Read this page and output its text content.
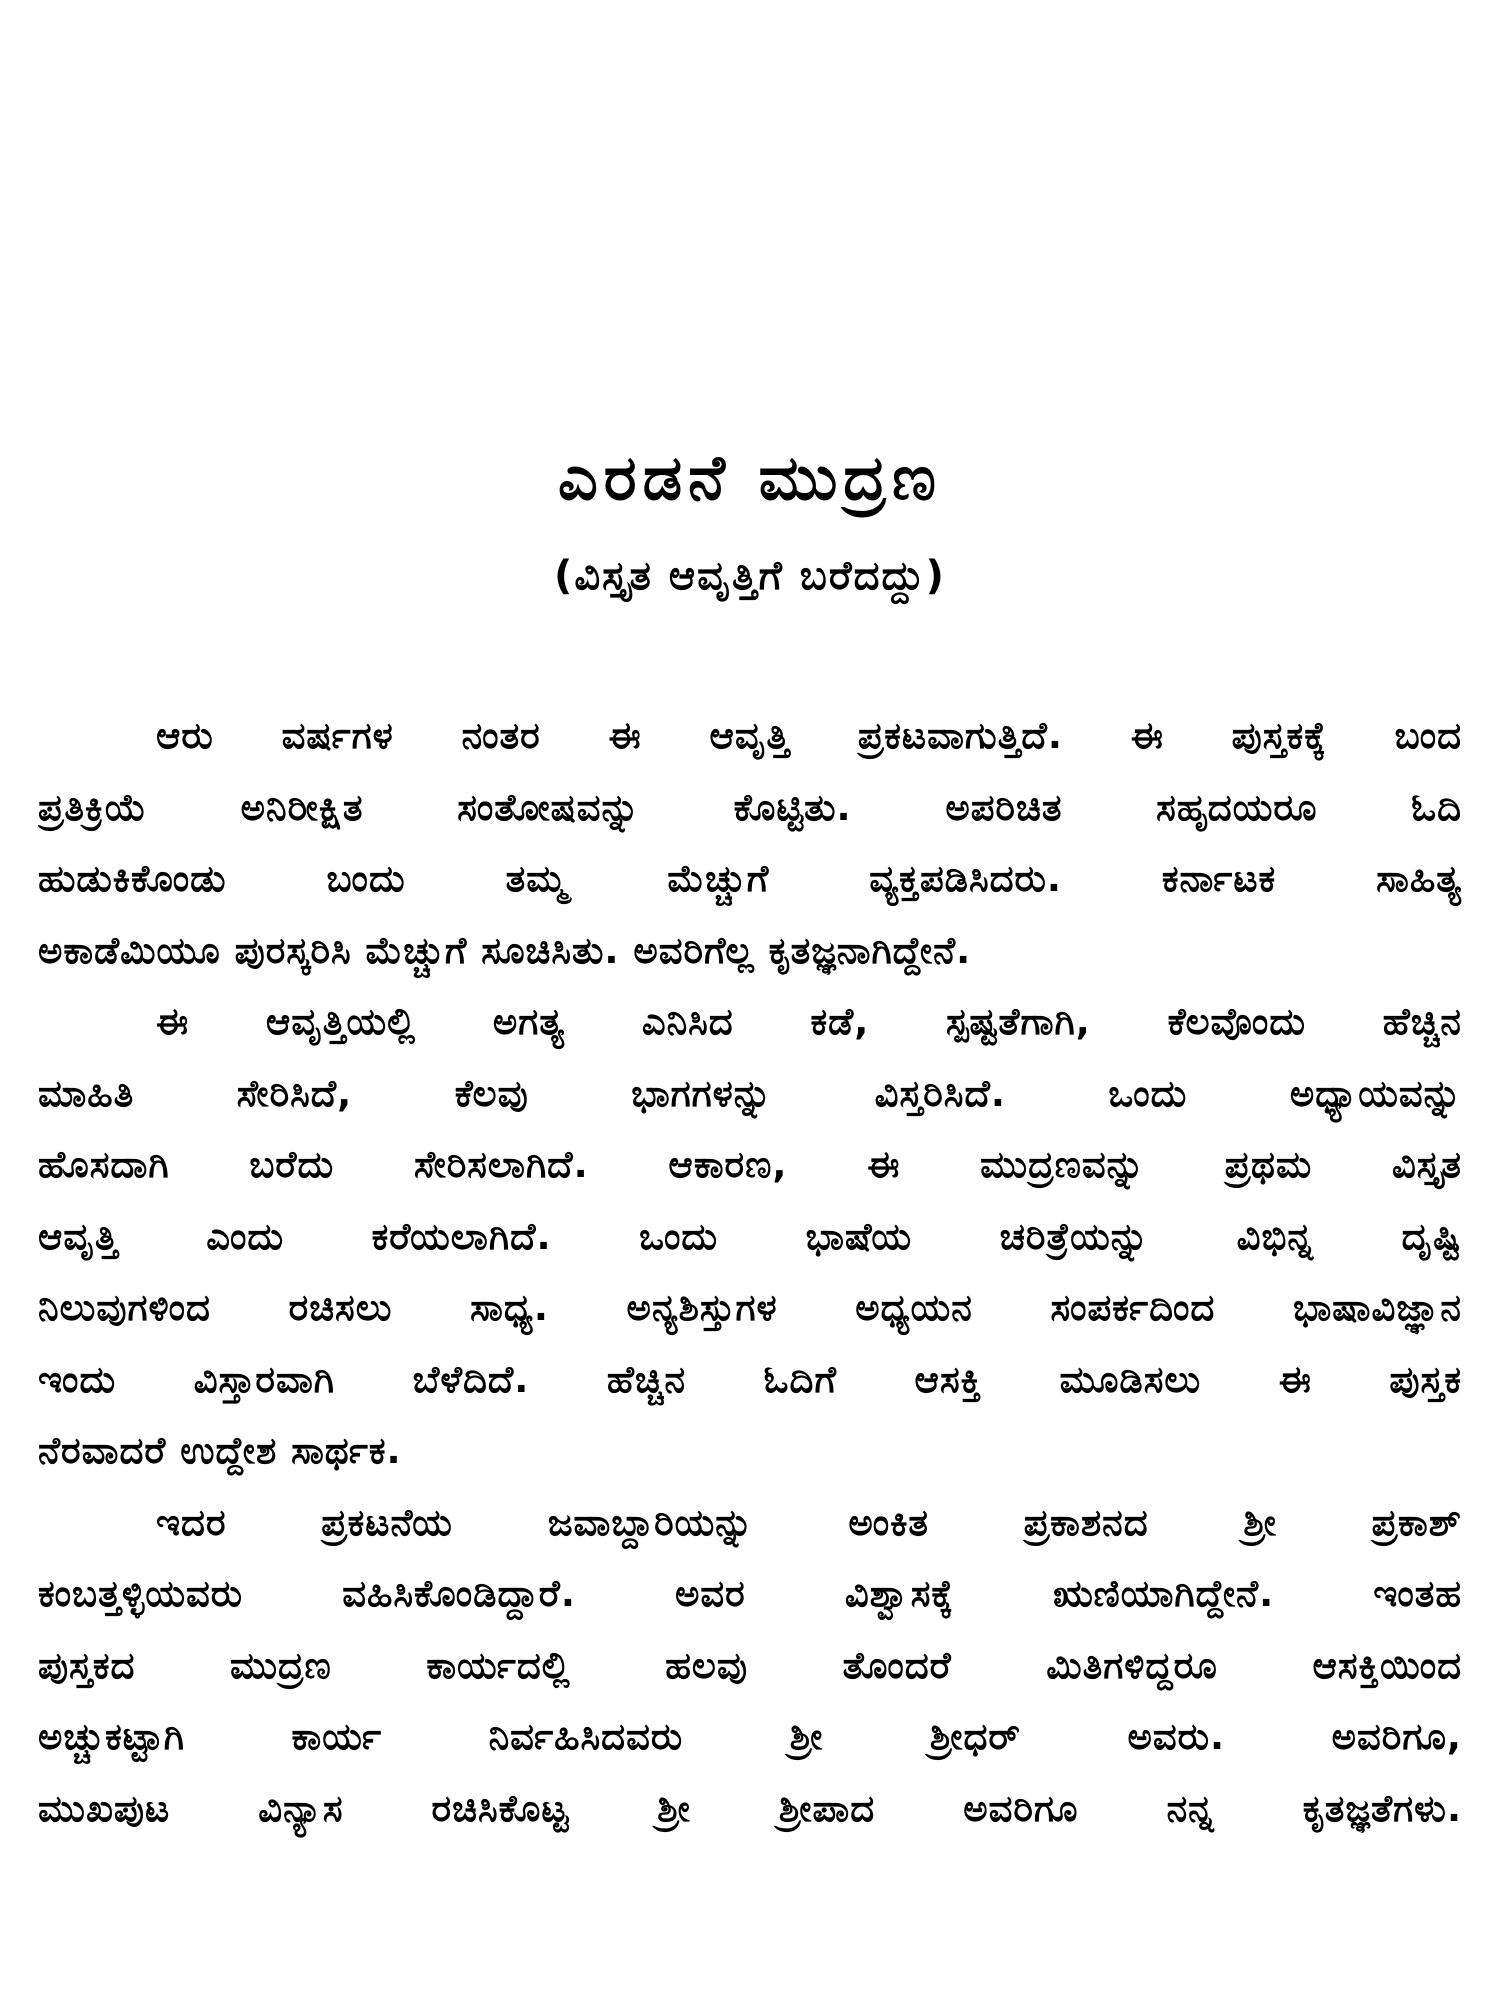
ಎರಡನೆ ಮುದ್ರಣ
(ವಿಸ್ತೃತ ಆವೃತ್ತಿಗೆ ಬರೆದದ್ದು)
ಆರು ವರ್ಷಗಳ ನಂತರ ಈ ಆವೃತ್ತಿ ಪ್ರಕಟವಾಗುತ್ತಿದೆ. ಈ ಪುಸ್ತಕಕ್ಕೆ ಬಂದ
ಪ್ರತಿಕ್ರಿಯೆ ಅನಿರೀಕ್ಷಿತ ಸಂತೋಷವನ್ನು ಕೊಟ್ಟಿತು. ಅಪರಿಚಿತ ಸಹೃದಯರೂ ಓದಿ
ಹುಡುಕಿಕೊಂಡು ಬಂದು ತಮ್ಮ ಮೆಚ್ಚುಗೆ ವ್ಯಕ್ತಪಡಿಸಿದರು. ಕರ್ನಾಟಕ ಸಾಹಿತ್ಯ
ಅಕಾಡೆಮಿಯೂ ಪುರಸ್ಕರಿಸಿ ಮೆಚ್ಚುಗೆ ಸೂಚಿಸಿತು. ಅವರಿಗೆಲ್ಲ ಕೃತಜ್ಞನಾಗಿದ್ದೇನೆ.
ಈ ಆವೃತ್ತಿಯಲ್ಲಿ ಅಗತ್ಯ ಎನಿಸಿದ ಕಡೆ, ಸ್ಪಷ್ಟತೆಗಾಗಿ, ಕೆಲವೊಂದು ಹೆಚ್ಚಿನ
ಮಾಹಿತಿ ಸೇರಿಸಿದೆ, ಕೆಲವು ಭಾಗಗಳನ್ನು ವಿಸ್ತರಿಸಿದೆ. ಒಂದು ಅಧ್ಯಾಯವನ್ನು
ಹೊಸದಾಗಿ ಬರೆದು ಸೇರಿಸಲಾಗಿದೆ. ಆಕಾರಣ, ಈ ಮುದ್ರಣವನ್ನು ಪ್ರಥಮ ವಿಸ್ತೃತ
ಆವೃತ್ತಿ ಎಂದು ಕರೆಯಲಾಗಿದೆ. ಒಂದು ಭಾಷೆಯ ಚರಿತ್ರೆಯನ್ನು ವಿಭಿನ್ನ ದೃಷ್ಟಿ
ನಿಲುವುಗಳಿಂದ ರಚಿಸಲು ಸಾಧ್ಯ. ಅನ್ಯಶಿಸ್ತುಗಳ ಅಧ್ಯಯನ ಸಂಪರ್ಕದಿಂದ ಭಾಷಾವಿಜ್ಞಾನ
ಇಂದು ವಿಸ್ತಾರವಾಗಿ ಬೆಳೆದಿದೆ. ಹೆಚ್ಚಿನ ಓದಿಗೆ ಆಸಕ್ತಿ ಮೂಡಿಸಲು ಈ ಪುಸ್ತಕ
ನೆರವಾದರೆ ಉದ್ದೇಶ ಸಾರ್ಥಕ.
ಇದರ ಪ್ರಕಟನೆಯ ಜವಾಬ್ದಾರಿಯನ್ನು ಅಂಕಿತ ಪ್ರಕಾಶನದ ಶ್ರೀ ಪ್ರಕಾಶ್
ಕಂಬತ್ತಳ್ಳಿಯವರು ವಹಿಸಿಕೊಂಡಿದ್ದಾರೆ. ಅವರ ವಿಶ್ವಾಸಕ್ಕೆ ಋಣಿಯಾಗಿದ್ದೇನೆ. ಇಂತಹ
ಪುಸ್ತಕದ ಮುದ್ರಣ ಕಾರ್ಯದಲ್ಲಿ ಹಲವು ತೊಂದರೆ ಮಿತಿಗಳಿದ್ದರೂ ಆಸಕ್ತಿಯಿಂದ
ಅಚ್ಚುಕಟ್ಟಾಗಿ ಕಾರ್ಯ ನಿರ್ವಹಿಸಿದವರು ಶ್ರೀ ಶ್ರೀಧರ್ ಅವರು. ಅವರಿಗೂ,
ಮುಖಪುಟ ವಿನ್ಯಾಸ ರಚಿಸಿಕೊಟ್ಟ ಶ್ರೀ ಶ್ರೀಪಾದ ಅವರಿಗೂ ನನ್ನ ಕೃತಜ್ಞತೆಗಳು.
